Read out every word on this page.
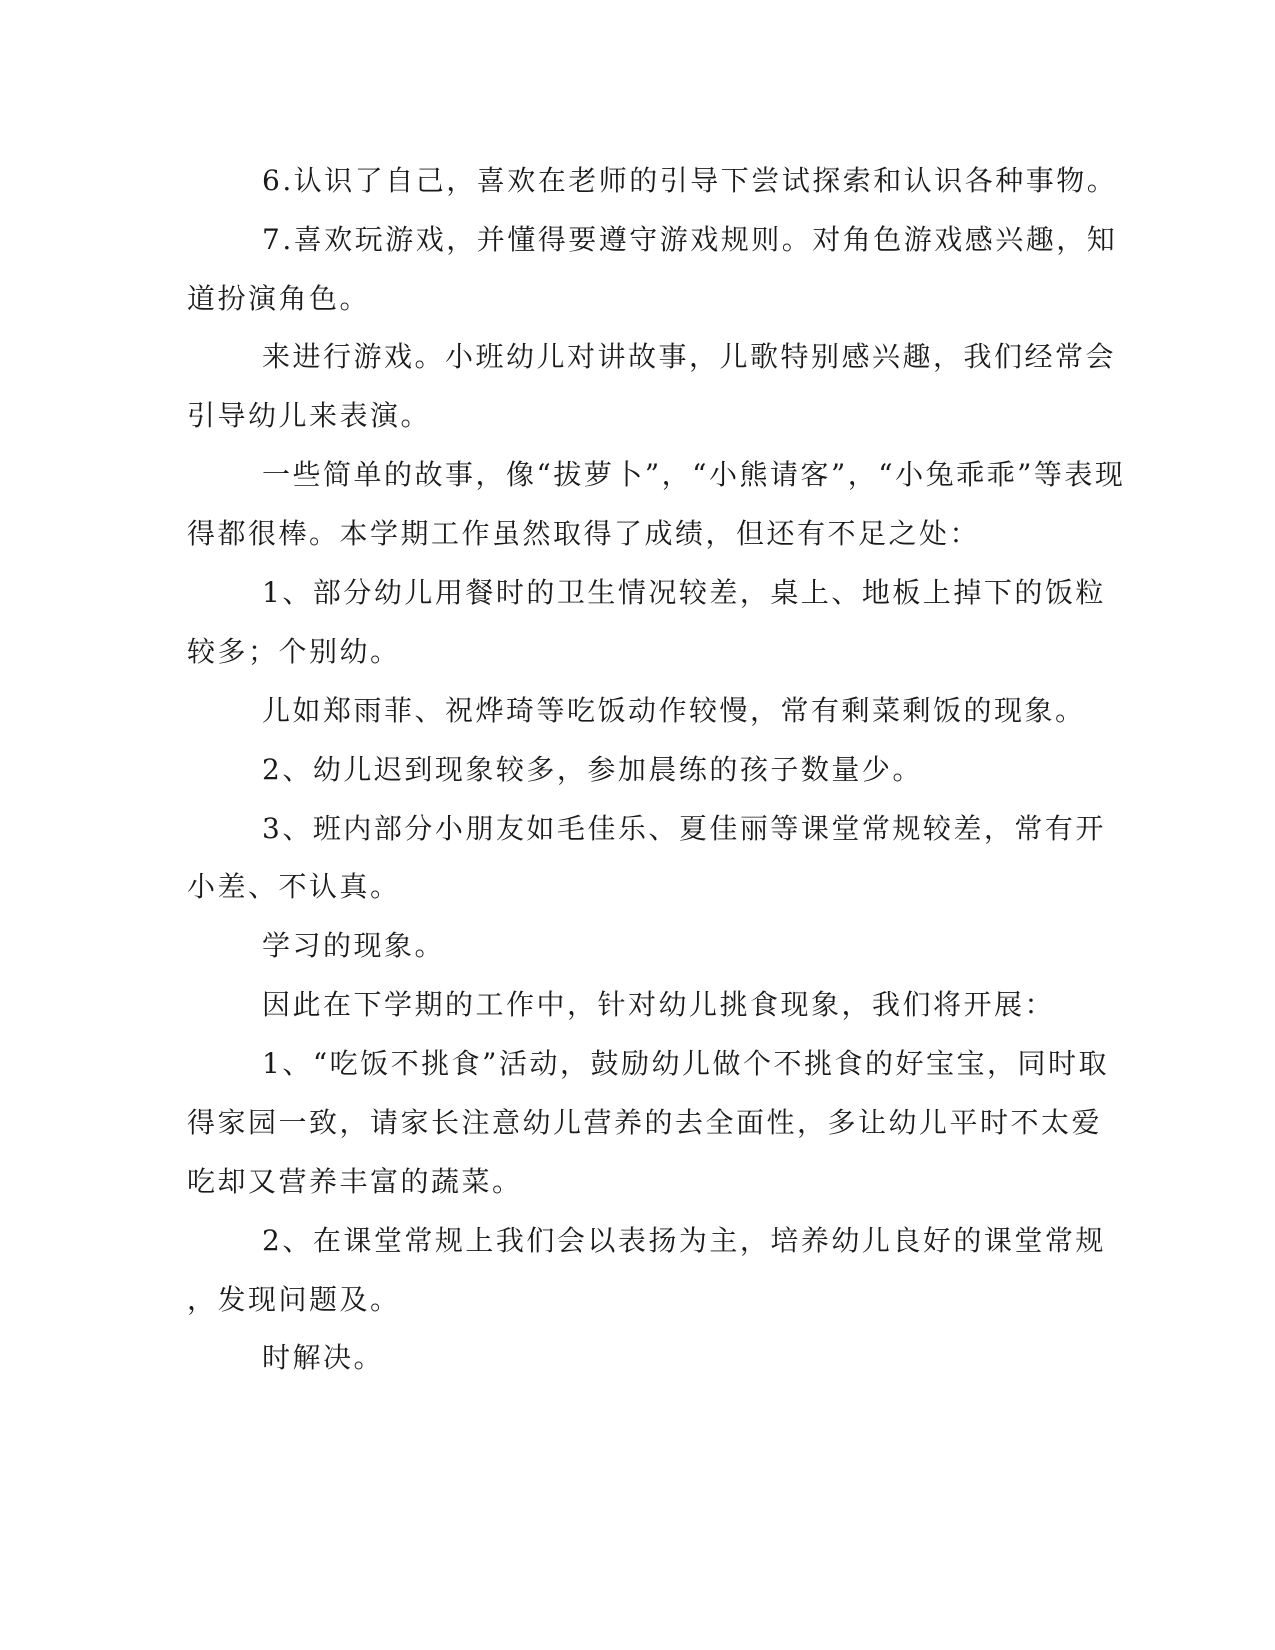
6.认识了自己，喜欢在老师的引导下尝试探索和认识各种事物。
7.喜欢玩游戏，并懂得要遵守游戏规则。对角色游戏感兴趣，知
道扮演角色。
来进行游戏。小班幼儿对讲故事，儿歌特别感兴趣，我们经常会
引导幼儿来表演。
一些简单的故事，像“拔萝卜”，“小熊请客”，“小兔乖乖”等表现
得都很棒。本学期工作虽然取得了成绩，但还有不足之处：
1、部分幼儿用餐时的卫生情况较差，桌上、地板上掉下的饭粒
较多；个别幼。
儿如郑雨菲、祝烨琦等吃饭动作较慢，常有剩菜剩饭的现象。
2、幼儿迟到现象较多，参加晨练的孩子数量少。
3、班内部分小朋友如毛佳乐、夏佳丽等课堂常规较差，常有开
小差、不认真。
学习的现象。
因此在下学期的工作中，针对幼儿挑食现象，我们将开展：
1、“吃饭不挑食”活动，鼓励幼儿做个不挑食的好宝宝，同时取
得家园一致，请家长注意幼儿营养的去全面性，多让幼儿平时不太爱
吃却又营养丰富的蔬菜。
2、在课堂常规上我们会以表扬为主，培养幼儿良好的课堂常规
，发现问题及。
时解决。
